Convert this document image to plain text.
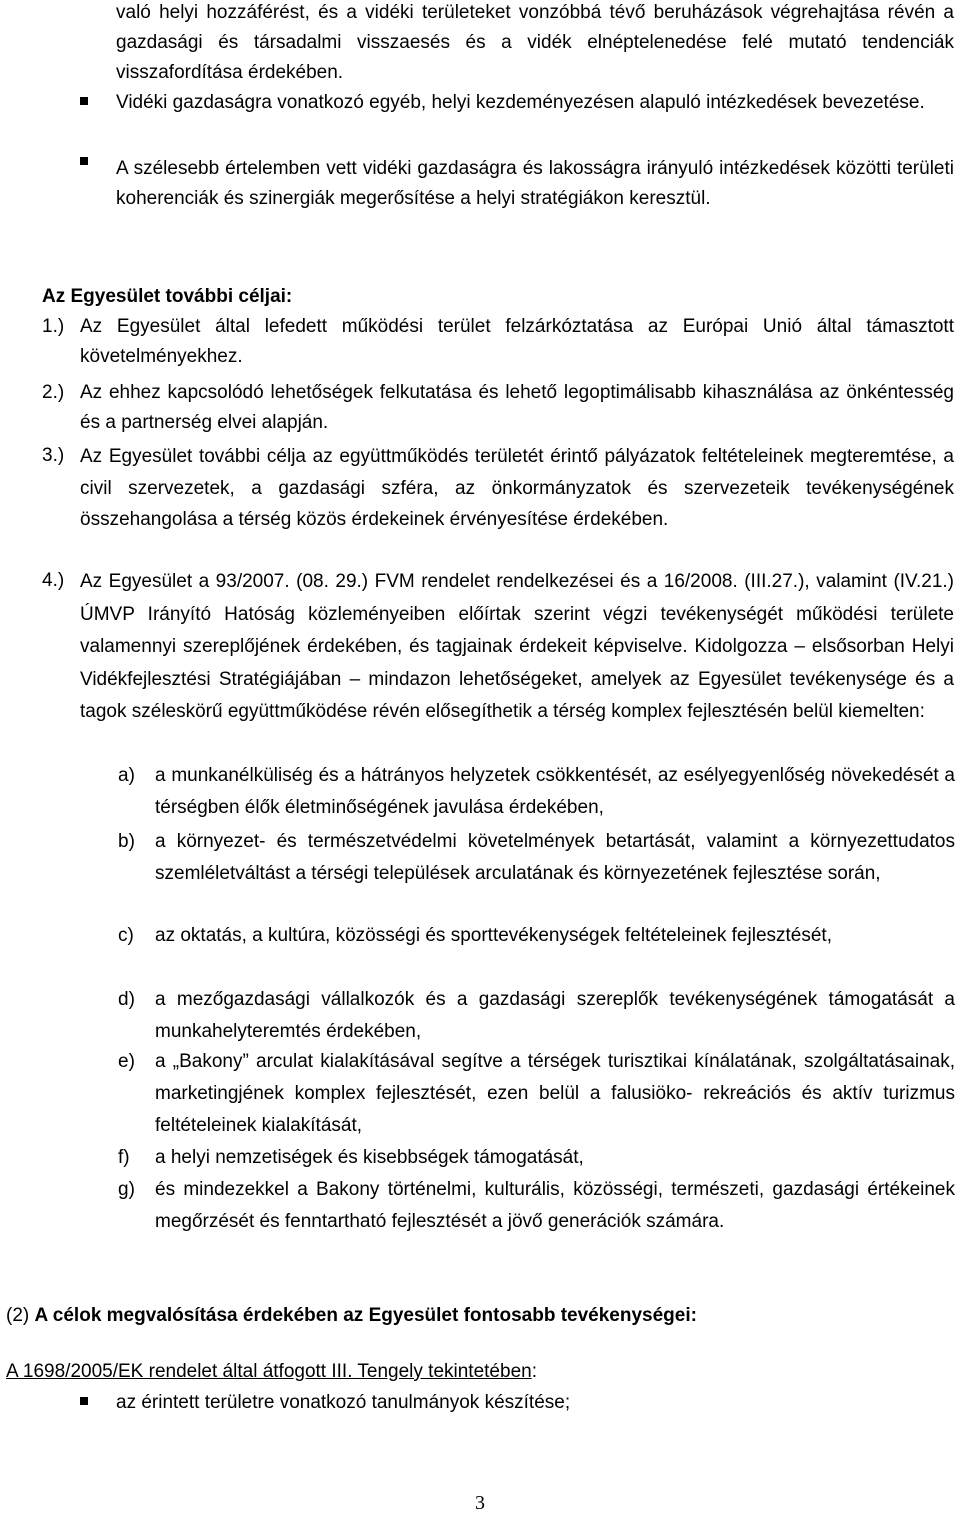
való helyi hozzáférést, és a vidéki területeket vonzóbbá tévő beruházások végrehajtása révén a gazdasági és társadalmi visszaesés és a vidék elnéptelenedése felé mutató tendenciák visszafordítása érdekében.
Vidéki gazdaságra vonatkozó egyéb, helyi kezdeményezésen alapuló intézkedések bevezetése.
A szélesebb értelemben vett vidéki gazdaságra és lakosságra irányuló intézkedések közötti területi koherenciák és szinergiák megerősítése a helyi stratégiákon keresztül.
Az Egyesület további céljai:
1.) Az Egyesület által lefedett működési terület felzárkóztatása az Európai Unió által támasztott követelményekhez.
2.) Az ehhez kapcsolódó lehetőségek felkutatása és lehető legoptimálisabb kihasználása az önkéntesség és a partnerség elvei alapján.
3.) Az Egyesület további célja az együttműködés területét érintő pályázatok feltételeinek megteremtése, a civil szervezetek, a gazdasági szféra, az önkormányzatok és szervezeteik tevékenységének összehangolása a térség közös érdekeinek érvényesítése érdekében.
4.) Az Egyesület a 93/2007. (08. 29.) FVM rendelet rendelkezései és a 16/2008. (III.27.), valamint (IV.21.) ÚMVP Irányító Hatóság közleményeiben előírtak szerint végzi tevékenységét működési területe valamennyi szereplőjének érdekében, és tagjainak érdekeit képviselve. Kidolgozza – elsősorban Helyi Vidékfejlesztési Stratégiájában – mindazon lehetőségeket, amelyek az Egyesület tevékenysége és a tagok széleskörű együttműködése révén elősegíthetik a térség komplex fejlesztésén belül kiemelten:
a) a munkanélküliség és a hátrányos helyzetek csökkentését, az esélyegyenlőség növekedését a térségben élők életminőségének javulása érdekében,
b) a környezet- és természetvédelmi követelmények betartását, valamint a környezettudatos szemléletváltást a térségi települések arculatának és környezetének fejlesztése során,
c) az oktatás, a kultúra, közösségi és sporttevékenységek feltételeinek fejlesztését,
d) a mezőgazdasági vállalkozók és a gazdasági szereplők tevékenységének támogatását a munkahelyteremtés érdekében,
e) a „Bakony” arculat kialakításával segítve a térségek turisztikai kínálatának, szolgáltatásainak, marketingjének komplex fejlesztését, ezen belül a falusiöko- rekreációs és aktív turizmus feltételeinek kialakítását,
f) a helyi nemzetiségek és kisebbségek támogatását,
g) és mindezekkel a Bakony történelmi, kulturális, közösségi, természeti, gazdasági értékeinek megőrzését és fenntartható fejlesztését a jövő generációk számára.
(2) A célok megvalósítása érdekében az Egyesület fontosabb tevékenységei:
A 1698/2005/EK rendelet által átfogott III. Tengely tekintetében:
az érintett területre vonatkozó tanulmányok készítése;
3
